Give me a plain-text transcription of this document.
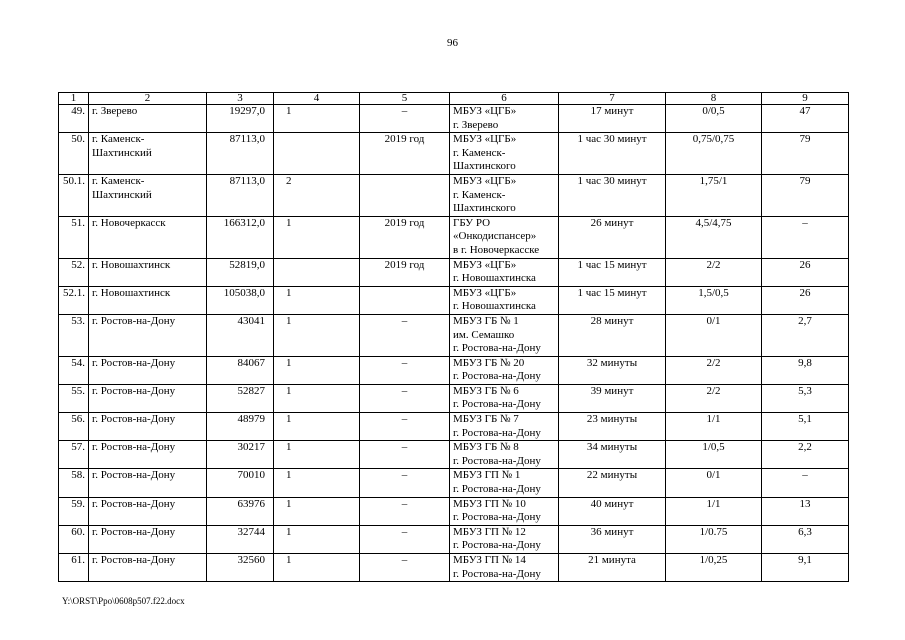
96
1	2	3	4	5	6	7	8	9
49.	г. Зверево	19297,0	1	–	МБУЗ «ЦГБ»
г. Зверево	17 минут	0/0,5	47
50.	г. Каменск-
Шахтинский	87113,0		2019 год	МБУЗ «ЦГБ»
г. Каменск-
Шахтинского	1 час 30 минут	0,75/0,75	79
50.1.	г. Каменск-
Шахтинский	87113,0	2		МБУЗ «ЦГБ»
г. Каменск-
Шахтинского	1 час 30 минут	1,75/1	79
51.	г. Новочеркасск	166312,0	1	2019 год	ГБУ РО
«Онкодиспансер»
в г. Новочеркасске	26 минут	4,5/4,75	–
52.	г. Новошахтинск	52819,0		2019 год	МБУЗ «ЦГБ»
г. Новошахтинска	1 час 15 минут	2/2	26
52.1.	г. Новошахтинск	105038,0	1		МБУЗ «ЦГБ»
г. Новошахтинска	1 час 15 минут	1,5/0,5	26
53.	г. Ростов-на-Дону	43041	1	–	МБУЗ ГБ № 1
им. Семашко
г. Ростова-на-Дону	28 минут	0/1	2,7
54.	г. Ростов-на-Дону	84067	1	–	МБУЗ ГБ № 20
г. Ростова-на-Дону	32 минуты	2/2	9,8
55.	г. Ростов-на-Дону	52827	1	–	МБУЗ ГБ № 6
г. Ростова-на-Дону	39 минут	2/2	5,3
56.	г. Ростов-на-Дону	48979	1	–	МБУЗ ГБ № 7
г. Ростова-на-Дону	23 минуты	1/1	5,1
57.	г. Ростов-на-Дону	30217	1	–	МБУЗ ГБ № 8
г. Ростова-на-Дону	34 минуты	1/0,5	2,2
58.	г. Ростов-на-Дону	70010	1	–	МБУЗ ГП № 1
г. Ростова-на-Дону	22 минуты	0/1	–
59.	г. Ростов-на-Дону	63976	1	–	МБУЗ ГП № 10
г. Ростова-на-Дону	40 минут	1/1	13
60.	г. Ростов-на-Дону	32744	1	–	МБУЗ ГП № 12
г. Ростова-на-Дону	36 минут	1/0.75	6,3
61.	г. Ростов-на-Дону	32560	1	–	МБУЗ ГП № 14
г. Ростова-на-Дону	21 минута	1/0,25	9,1
Y:\ORST\Ppo\0608p507.f22.docx
